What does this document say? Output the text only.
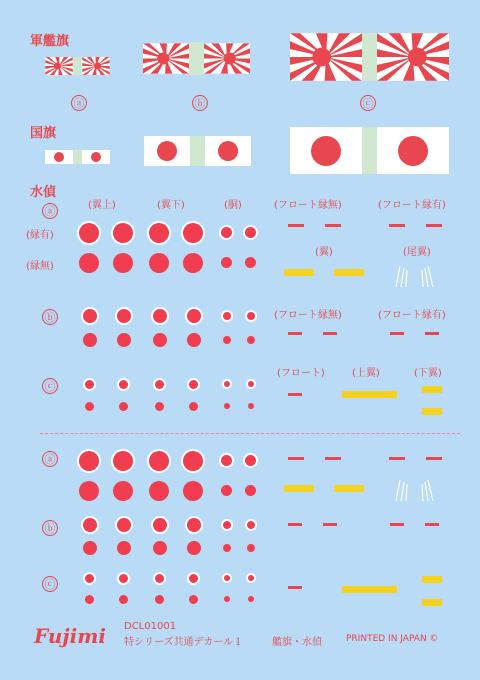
軍艦旗
国旗
水偵
ⓐ	ⓑ	ⓒ
ⓐ	(翼上)	(翼下)	(胴)	(フロート縁無)	(フロート縁有)
(縁有)
(縁無)
(翼)	(尾翼)
ⓑ	(フロート縁無)	(フロート縁有)
ⓒ
(フロート)	(上翼)	(下翼)
ⓐ
ⓑ
ⓒ
Fujimi DCL01001
特シリーズ共通デカール１	艦旗・水偵	PRINTED IN JAPAN ©
